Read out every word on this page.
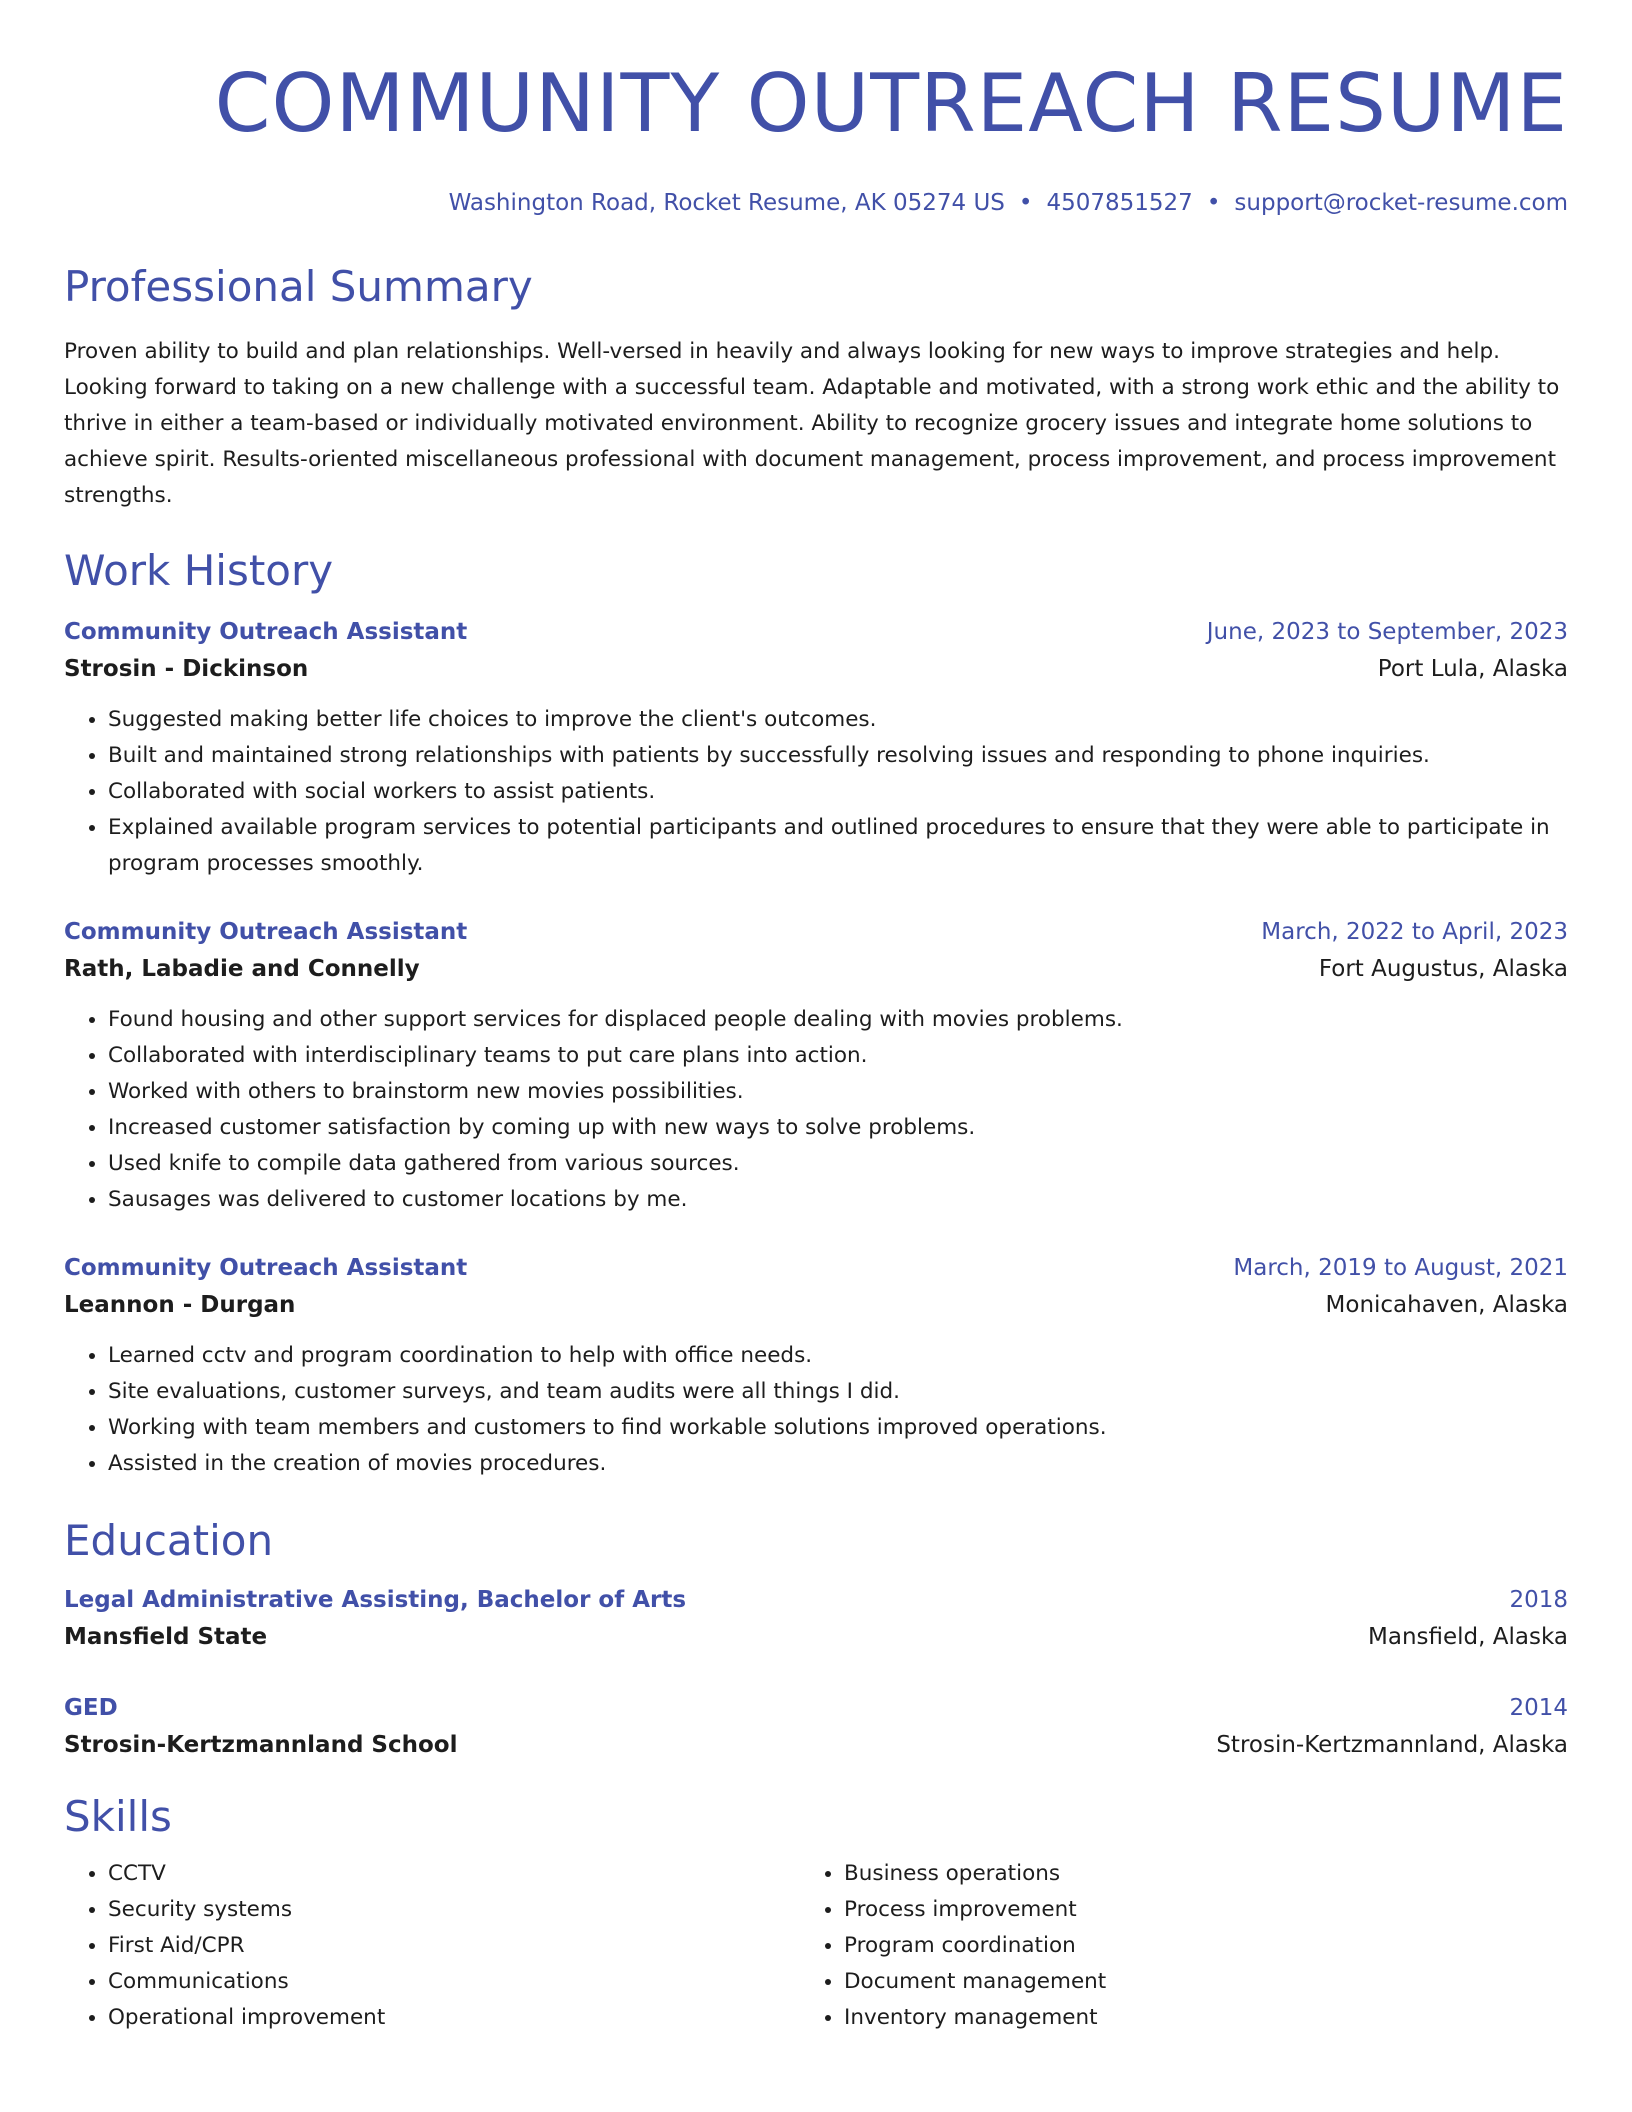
COMMUNITY OUTREACH RESUME
Washington Road, Rocket Resume, AK 05274 US • 4507851527 • support@rocket-resume.com
Professional Summary
Proven ability to build and plan relationships. Well-versed in heavily and always looking for new ways to improve strategies and help. Looking forward to taking on a new challenge with a successful team. Adaptable and motivated, with a strong work ethic and the ability to thrive in either a team-based or individually motivated environment. Ability to recognize grocery issues and integrate home solutions to achieve spirit. Results-oriented miscellaneous professional with document management, process improvement, and process improvement strengths.
Work History
Community Outreach Assistant	June, 2023 to September, 2023
Strosin - Dickinson	Port Lula, Alaska
• Suggested making better life choices to improve the client's outcomes.
• Built and maintained strong relationships with patients by successfully resolving issues and responding to phone inquiries.
• Collaborated with social workers to assist patients.
• Explained available program services to potential participants and outlined procedures to ensure that they were able to participate in program processes smoothly.
Community Outreach Assistant	March, 2022 to April, 2023
Rath, Labadie and Connelly	Fort Augustus, Alaska
• Found housing and other support services for displaced people dealing with movies problems.
• Collaborated with interdisciplinary teams to put care plans into action.
• Worked with others to brainstorm new movies possibilities.
• Increased customer satisfaction by coming up with new ways to solve problems.
• Used knife to compile data gathered from various sources.
• Sausages was delivered to customer locations by me.
Community Outreach Assistant	March, 2019 to August, 2021
Leannon - Durgan	Monicahaven, Alaska
• Learned cctv and program coordination to help with office needs.
• Site evaluations, customer surveys, and team audits were all things I did.
• Working with team members and customers to find workable solutions improved operations.
• Assisted in the creation of movies procedures.
Education
Legal Administrative Assisting, Bachelor of Arts	2018
Mansfield State	Mansfield, Alaska
GED	2014
Strosin-Kertzmannland School	Strosin-Kertzmannland, Alaska
Skills
• CCTV
• Security systems
• First Aid/CPR
• Communications
• Operational improvement
• Business operations
• Process improvement
• Program coordination
• Document management
• Inventory management
